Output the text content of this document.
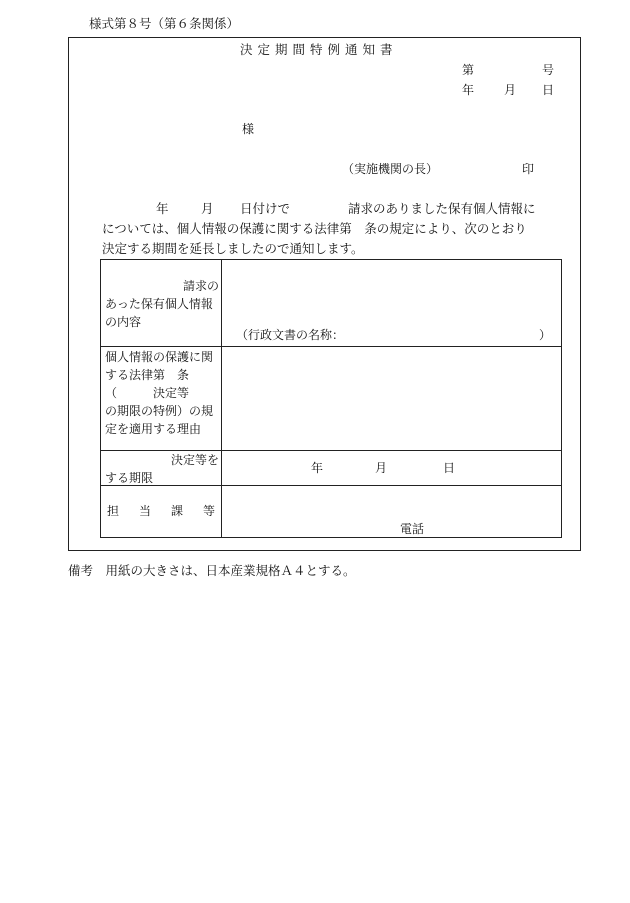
様式第８号（第６条関係）
決定期間特例通知書
第	号
年 月 日
様
（実施機関の長）	印
年	月 日付けで	請求のありました保有個人情報に
については、個人情報の保護に関する法律第　条の規定により、次のとおり
決定する期間を延長しましたので通知します。
請求の
あった保有個人情報の内容	（行政文書の名称： ）

個人情報の保護に関する法律第　条
（　　　決定等
の期限の特例）の規定を適用する理由	

決定等を
する期限	年 月 日

担 当 課 等	電話
備考　用紙の大きさは、日本産業規格Ａ４とする。
